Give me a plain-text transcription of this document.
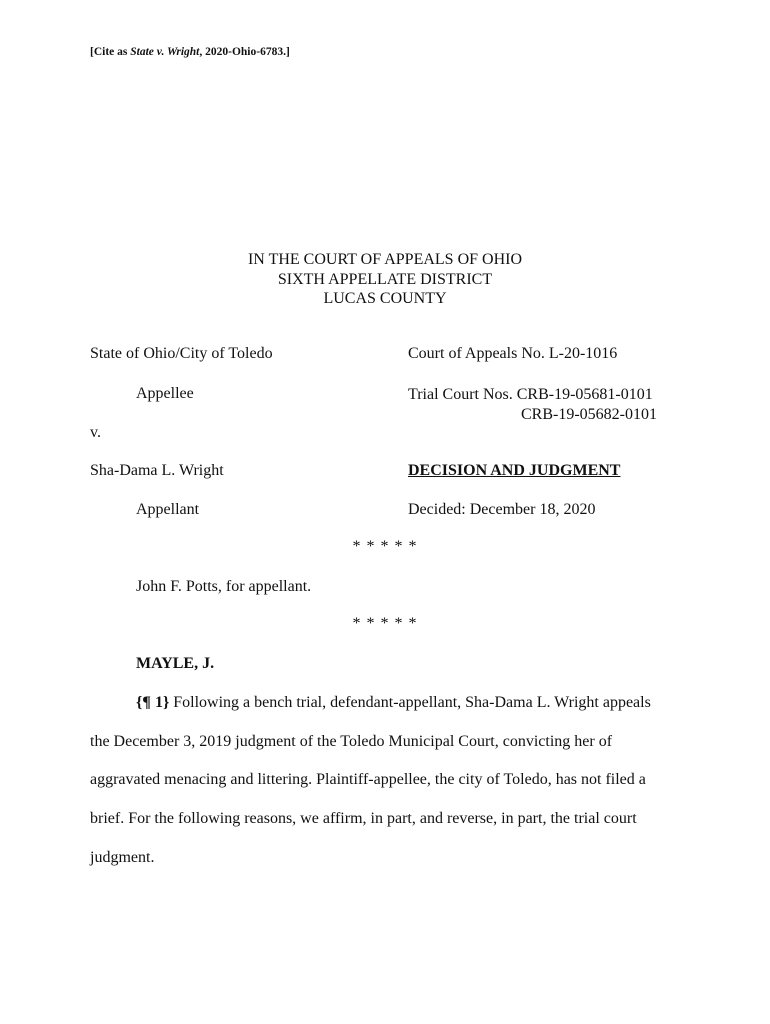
[Cite as State v. Wright, 2020-Ohio-6783.]
IN THE COURT OF APPEALS OF OHIO
SIXTH APPELLATE DISTRICT
LUCAS COUNTY
State of Ohio/City of Toledo	Court of Appeals No. L-20-1016
Appellee	Trial Court Nos. CRB-19-05681-0101
CRB-19-05682-0101
v.
Sha-Dama L. Wright	DECISION AND JUDGMENT
Appellant	Decided: December 18, 2020
* * * * *
John F. Potts, for appellant.
* * * * *
MAYLE, J.
{¶ 1} Following a bench trial, defendant-appellant, Sha-Dama L. Wright appeals
the December 3, 2019 judgment of the Toledo Municipal Court, convicting her of
aggravated menacing and littering. Plaintiff-appellee, the city of Toledo, has not filed a
brief. For the following reasons, we affirm, in part, and reverse, in part, the trial court
judgment.
